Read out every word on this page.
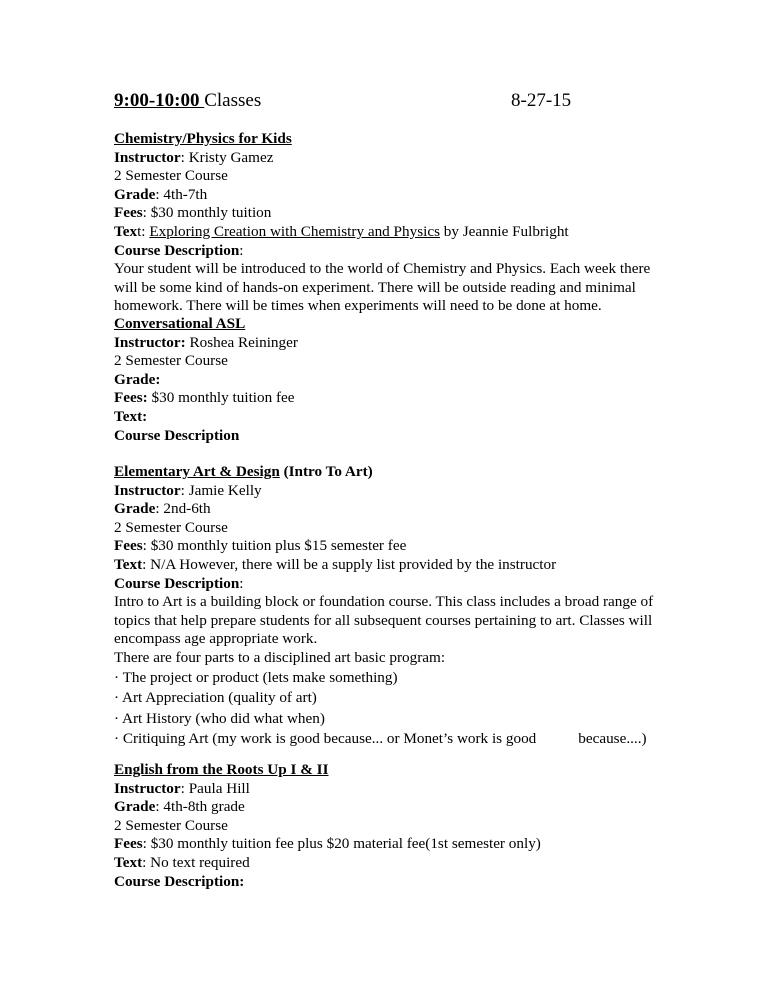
9:00-10:00 Classes	8-27-15
Chemistry/Physics for Kids
Instructor: Kristy Gamez
2 Semester Course
Grade: 4th-7th
Fees: $30 monthly tuition
Text: Exploring Creation with Chemistry and Physics by Jeannie Fulbright
Course Description:
Your student will be introduced to the world of Chemistry and Physics. Each week there
will be some kind of hands-on experiment. There will be outside reading and minimal
homework. There will be times when experiments will need to be done at home.
Conversational ASL
Instructor: Roshea Reininger
2 Semester Course
Grade:
Fees: $30 monthly tuition fee
Text:
Course Description
Elementary Art & Design (Intro To Art)
Instructor: Jamie Kelly
Grade: 2nd-6th
2 Semester Course
Fees: $30 monthly tuition plus $15 semester fee
Text: N/A However, there will be a supply list provided by the instructor
Course Description:
Intro to Art is a building block or foundation course. This class includes a broad range of
topics that help prepare students for all subsequent courses pertaining to art. Classes will
encompass age appropriate work.
There are four parts to a disciplined art basic program:
· The project or product (lets make something)
· Art Appreciation (quality of art)
· Art History (who did what when)
· Critiquing Art (my work is good because... or Monet’s work is good	because....)
English from the Roots Up I & II
Instructor: Paula Hill
Grade: 4th-8th grade
2 Semester Course
Fees: $30 monthly tuition fee plus $20 material fee(1st semester only)
Text: No text required
Course Description:
